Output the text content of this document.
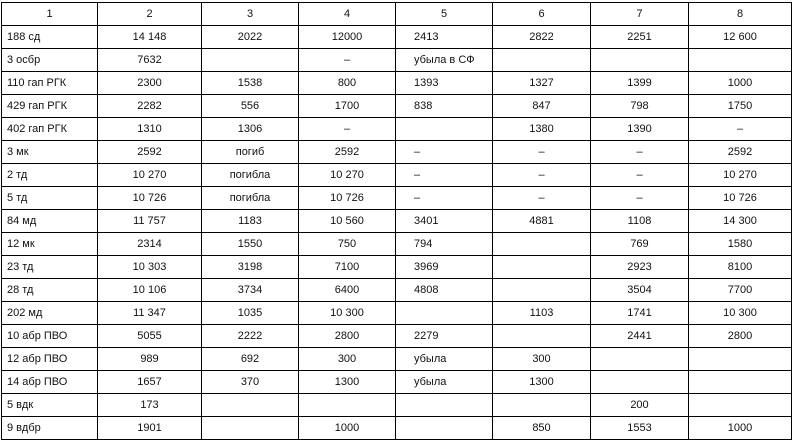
1	2	3	4	5	6	7	8
188 сд	14 148	2022	12000	2413	2822	2251	12 600
3 осбр	7632		–	убыла в СФ			
110 гап РГК	2300	1538	800	1393	1327	1399	1000
429 гап РГК	2282	556	1700	838	847	798	1750
402 гап РГК	1310	1306	–		1380	1390	–
3 мк	2592	погиб	2592	–	–	–	2592
2 тд	10 270	погибла	10 270	–	–	–	10 270
5 тд	10 726	погибла	10 726	–	–	–	10 726
84 мд	11 757	1183	10 560	3401	4881	1108	14 300
12 мк	2314	1550	750	794		769	1580
23 тд	10 303	3198	7100	3969		2923	8100
28 тд	10 106	3734	6400	4808		3504	7700
202 мд	11 347	1035	10 300		1103	1741	10 300
10 абр ПВО	5055	2222	2800	2279		2441	2800
12 абр ПВО	989	692	300	убыла	300		
14 абр ПВО	1657	370	1300	убыла	1300		
5 вдк	173					200	
9 вдбр	1901		1000		850	1553	1000
